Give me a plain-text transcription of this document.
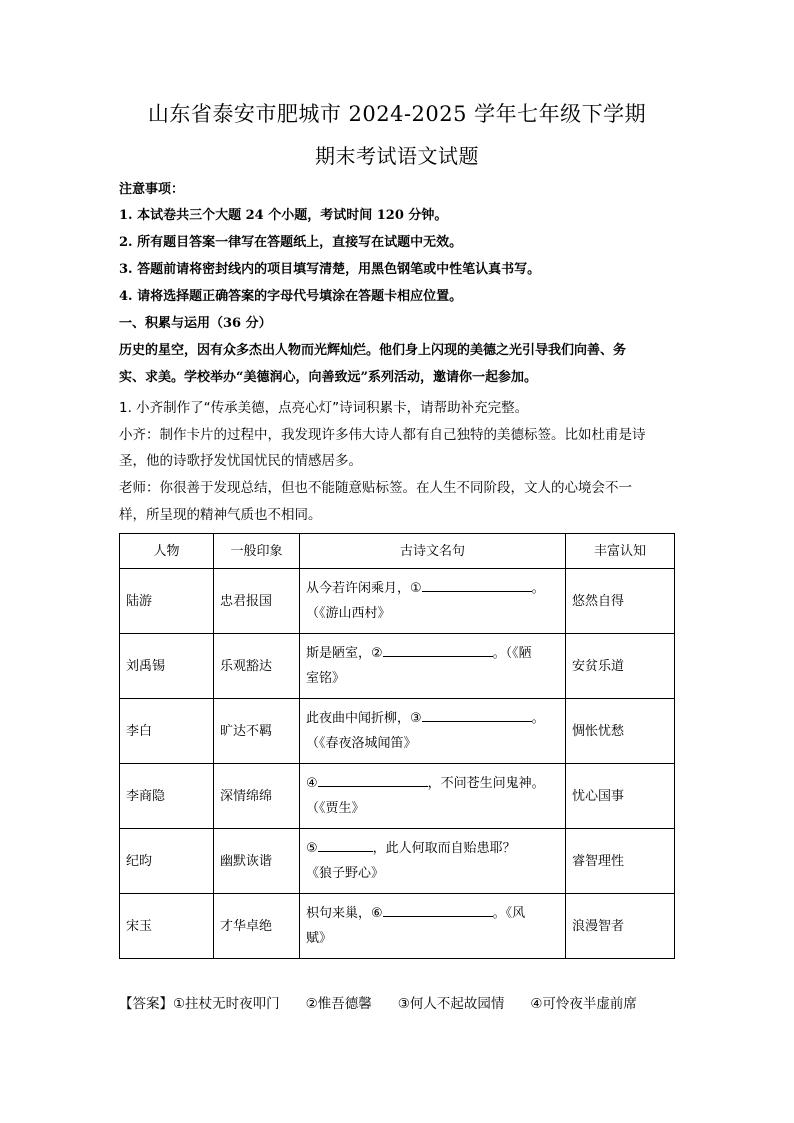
山东省泰安市肥城市 2024-2025 学年七年级下学期
期末考试语文试题
注意事项：
1. 本试卷共三个大题 24 个小题，考试时间 120 分钟。
2. 所有题目答案一律写在答题纸上，直接写在试题中无效。
3. 答题前请将密封线内的项目填写清楚，用黑色钢笔或中性笔认真书写。
4. 请将选择题正确答案的字母代号填涂在答题卡相应位置。
一、积累与运用（36 分）
历史的星空，因有众多杰出人物而光辉灿烂。他们身上闪现的美德之光引导我们向善、务
实、求美。学校举办“美德润心，向善致远”系列活动，邀请你一起参加。
1. 小齐制作了“传承美德，点亮心灯”诗词积累卡，请帮助补充完整。
小齐：制作卡片的过程中，我发现许多伟大诗人都有自己独特的美德标签。比如杜甫是诗
圣，他的诗歌抒发忧国忧民的情感居多。
老师：你很善于发现总结，但也不能随意贴标签。在人生不同阶段，文人的心境会不一
样，所呈现的精神气质也不相同。
人物	一般印象	古诗文名句	丰富认知
陆游	忠君报国	从今若许闲乘月，① 。
（《游山西村》	悠然自得
刘禹锡	乐观豁达	斯是陋室，② 。（《陋
室铭》	安贫乐道
李白	旷达不羁	此夜曲中闻折柳，③ 。
（《春夜洛城闻笛》	惆怅忧愁
李商隐	深情绵绵	④ ，不问苍生问鬼神。
（《贾生》	忧心国事
纪昀	幽默诙谐	⑤ ，此人何取而自贻患耶？
《狼子野心》	睿智理性
宋玉	才华卓绝	枳句来巢，⑥ 。《风
赋》	浪漫智者
【答案】①拄杖无时夜叩门 ②惟吾德馨 ③何人不起故园情 ④可怜夜半虚前席
